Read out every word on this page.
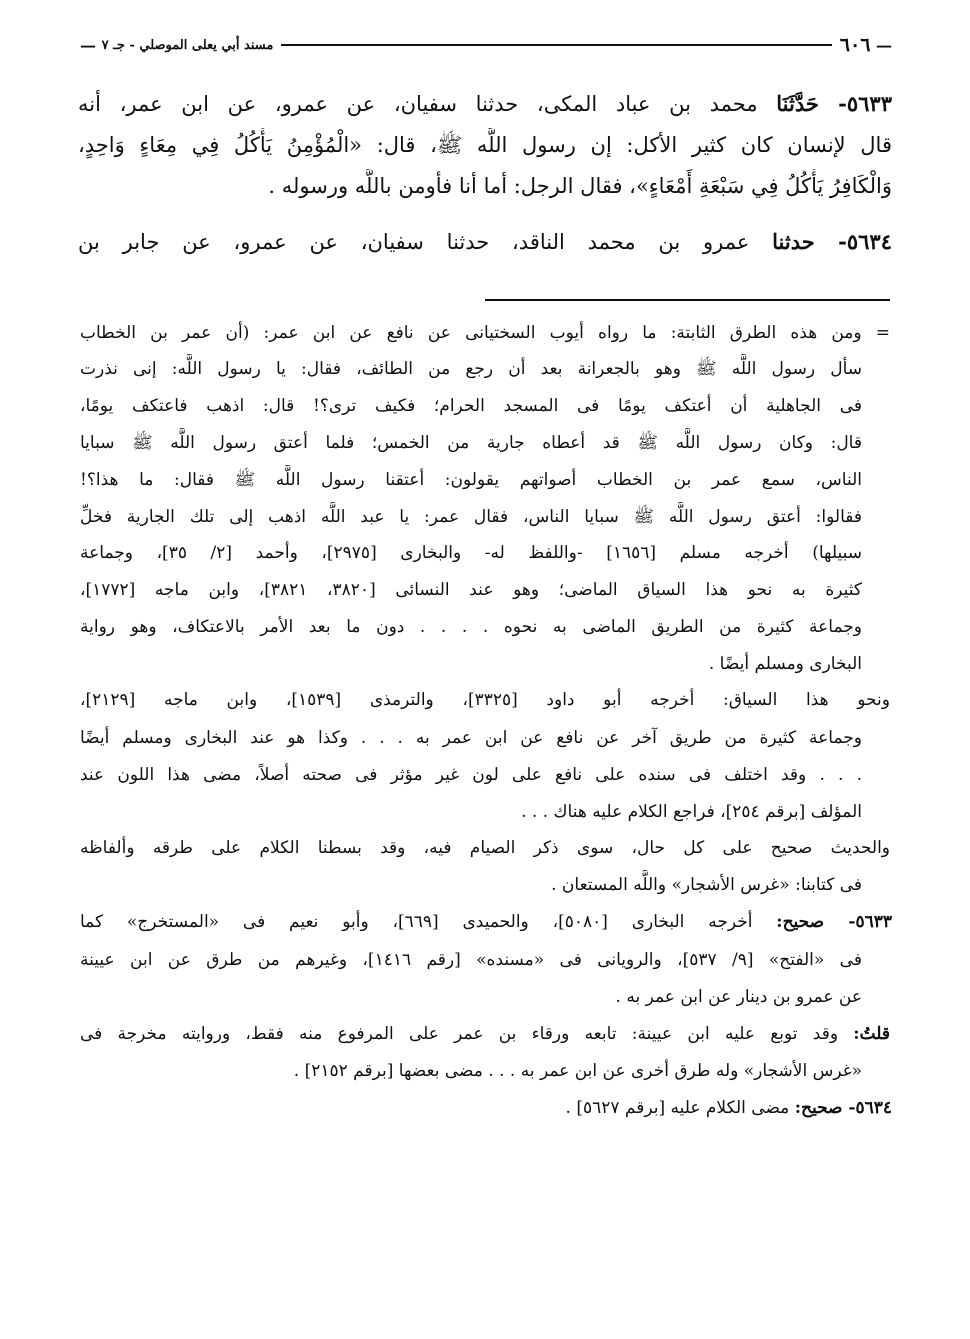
—
٦٠٦
مسند أبي يعلى الموصلي - جـ ٧
—
٥٦٣٣- حَدَّثَنَا محمد بن عباد المكى، حدثنا سفيان، عن عمرو، عن ابن عمر، أنه
قال لإنسان كان كثير الأكل: إن رسول اللَّه ﷺ، قال: «الْمُؤْمِنُ يَأْكُلُ فِي مِعَاءٍ وَاحِدٍ،
وَالْكَافِرُ يَأْكُلُ فِي سَبْعَةِ أَمْعَاءٍ»، فقال الرجل: أما أنا فأومن باللَّه ورسوله .
٥٦٣٤- حدثنا عمرو بن محمد الناقد، حدثنا سفيان، عن عمرو، عن جابر بن
= ومن هذه الطرق الثابتة: ما رواه أيوب السختيانى عن نافع عن ابن عمر: (أن عمر بن الخطاب
سأل رسول اللَّه ﷺ وهو بالجعرانة بعد أن رجع من الطائف، فقال: يا رسول اللَّه: إنى نذرت
فى الجاهلية أن أعتكف يومًا فى المسجد الحرام؛ فكيف ترى؟! قال: اذهب فاعتكف يومًا،
قال: وكان رسول اللَّه ﷺ قد أعطاه جارية من الخمس؛ فلما أعتق رسول اللَّه ﷺ سبايا
الناس، سمع عمر بن الخطاب أصواتهم يقولون: أعتقنا رسول اللَّه ﷺ فقال: ما هذا؟!
فقالوا: أعتق رسول اللَّه ﷺ سبايا الناس، فقال عمر: يا عبد اللَّه اذهب إلى تلك الجارية فخلِّ
سبيلها) أخرجه مسلم [١٦٥٦] -واللفظ له- والبخارى [٢٩٧٥]، وأحمد [٢/ ٣٥]، وجماعة
كثيرة به نحو هذا السياق الماضى؛ وهو عند النسائى [٣٨٢٠، ٣٨٢١]، وابن ماجه [١٧٧٢]،
وجماعة كثيرة من الطريق الماضى به نحوه . . . . دون ما بعد الأمر بالاعتكاف، وهو رواية
البخارى ومسلم أيضًا .
ونحو هذا السياق: أخرجه أبو داود [٣٣٢٥]، والترمذى [١٥٣٩]، وابن ماجه [٢١٢٩]،
وجماعة كثيرة من طريق آخر عن نافع عن ابن عمر به . . . وكذا هو عند البخارى ومسلم أيضًا
. . . وقد اختلف فى سنده على نافع على لون غير مؤثر فى صحته أصلاً، مضى هذا اللون عند
المؤلف [برقم ٢٥٤]، فراجع الكلام عليه هناك . . .
والحديث صحيح على كل حال، سوى ذكر الصيام فيه، وقد بسطنا الكلام على طرقه وألفاظه
فى كتابنا: «غرس الأشجار» واللَّه المستعان .
٥٦٣٣- صحيح: أخرجه البخارى [٥٠٨٠]، والحميدى [٦٦٩]، وأبو نعيم فى «المستخرج» كما
فى «الفتح» [٩/ ٥٣٧]، والرويانى فى «مسنده» [رقم ١٤١٦]، وغيرهم من طرق عن ابن عيينة
عن عمرو بن دينار عن ابن عمر به .
قلتُ: وقد توبع عليه ابن عيينة: تابعه ورقاء بن عمر على المرفوع منه فقط، وروايته مخرجة فى
«غرس الأشجار» وله طرق أخرى عن ابن عمر به . . . مضى بعضها [برقم ٢١٥٢] .
٥٦٣٤- صحيح: مضى الكلام عليه [برقم ٥٦٢٧] .
